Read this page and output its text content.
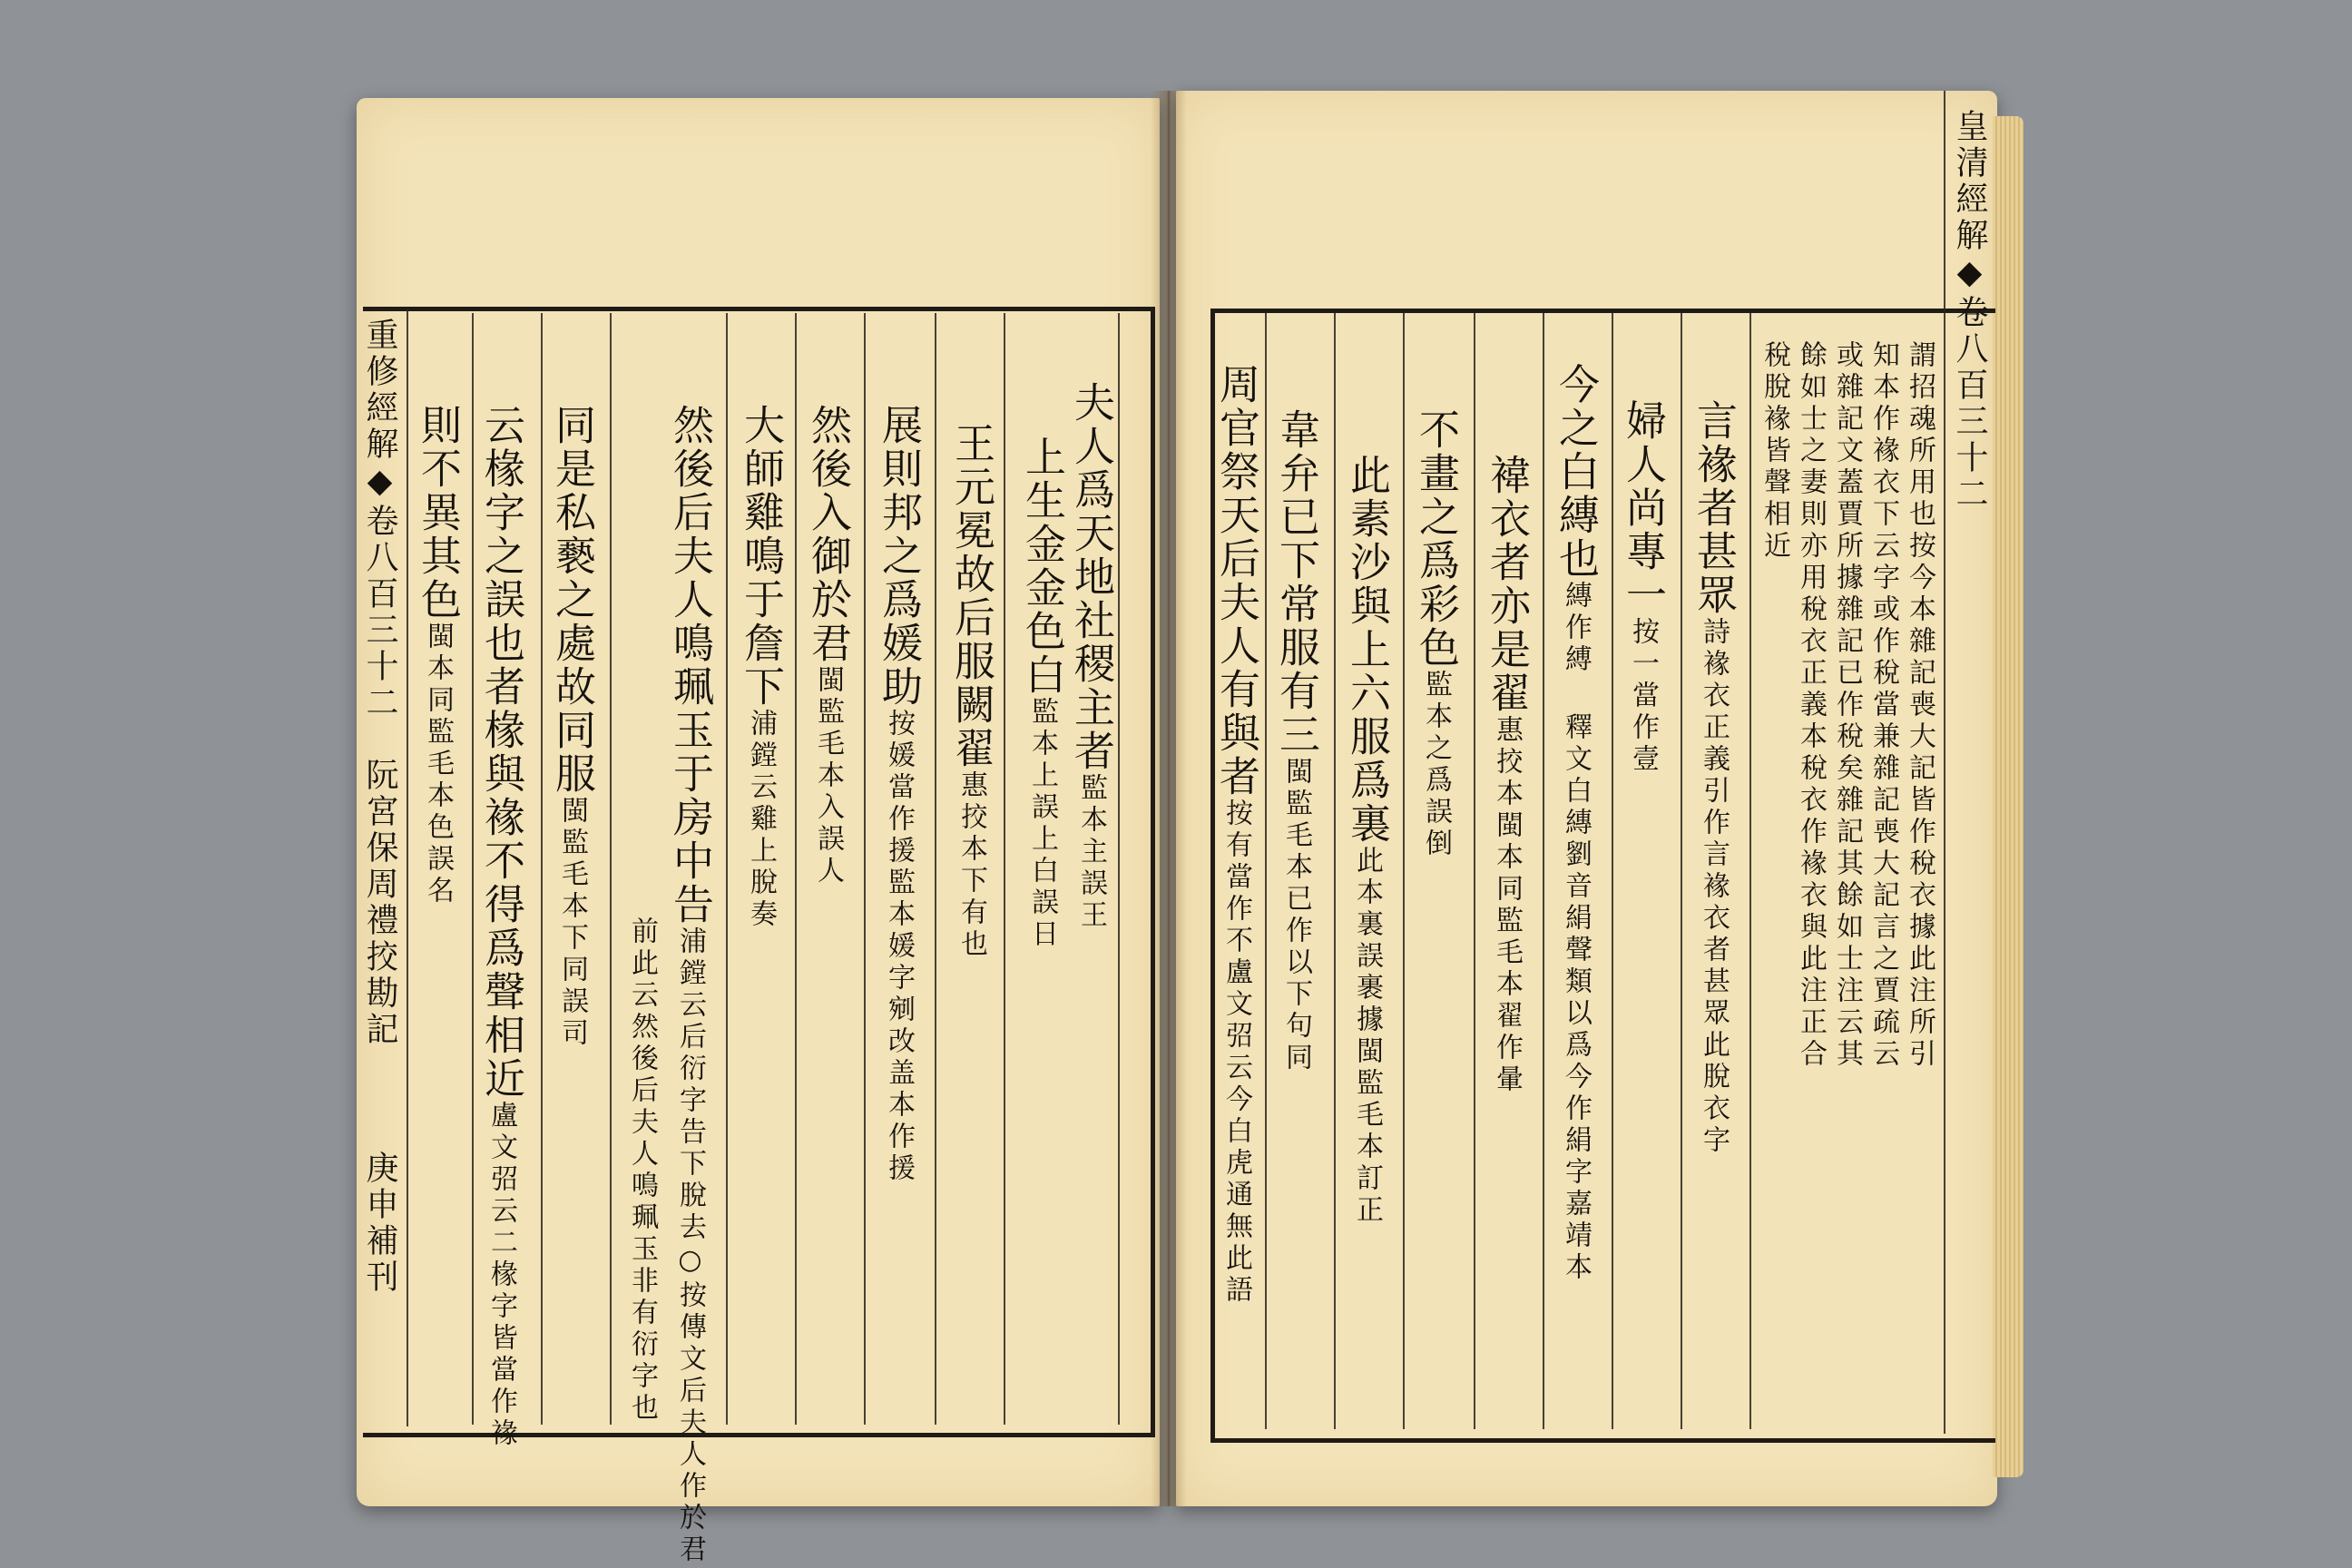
重修經解◆卷八百三十二　阮宮保周禮挍勘記
庚申補刊
夫人爲天地社稷主者監本主誤王
上生金金色白監本上誤上白誤日
王元冕故后服闕翟惠挍本下有也
展則邦之爲媛助按媛當作援監本媛字剜改盖本作援
然後入御於君閩監毛本入誤人
大師雞鳴于詹下浦鏜云雞上脫奏
然後后夫人鳴珮玉于房中告浦鏜云后衍字告下脫去○按傳文后夫人作於君
前此云然後后夫人鳴珮玉非有衍字也
同是私褻之處故同服閩監毛本下同誤司
云椽字之誤也者椽與褖不得爲聲相近盧文弨云二椽字皆當作褖
則不異其色閩本同監毛本色誤名
皇清經解◆卷八百三十二
謂招魂所用也按今本雜記喪大記皆作稅衣據此注所引
知本作褖衣下云字或作稅當兼雜記喪大記言之賈疏云
或雜記文蓋賈所據雜記已作稅矣雜記其餘如士注云其
餘如士之妻則亦用稅衣正義本稅衣作褖衣與此注正合
稅脫褖皆聲相近
言褖者甚眾詩褖衣正義引作言褖衣者甚眾此脫衣字
婦人尚專一按一當作壹
今之白縳也縳作縛 釋文白縳劉音絹聲類以爲今作絹字嘉靖本
褘衣者亦是翟惠挍本閩本同監毛本翟作暈
不畫之爲彩色監本之爲誤倒
此素沙與上六服爲裏此本裏誤裹據閩監毛本訂正
韋弁已下常服有三閩監毛本已作以下句同
周官祭天后夫人有與者按有當作不盧文弨云今白虎通無此語
